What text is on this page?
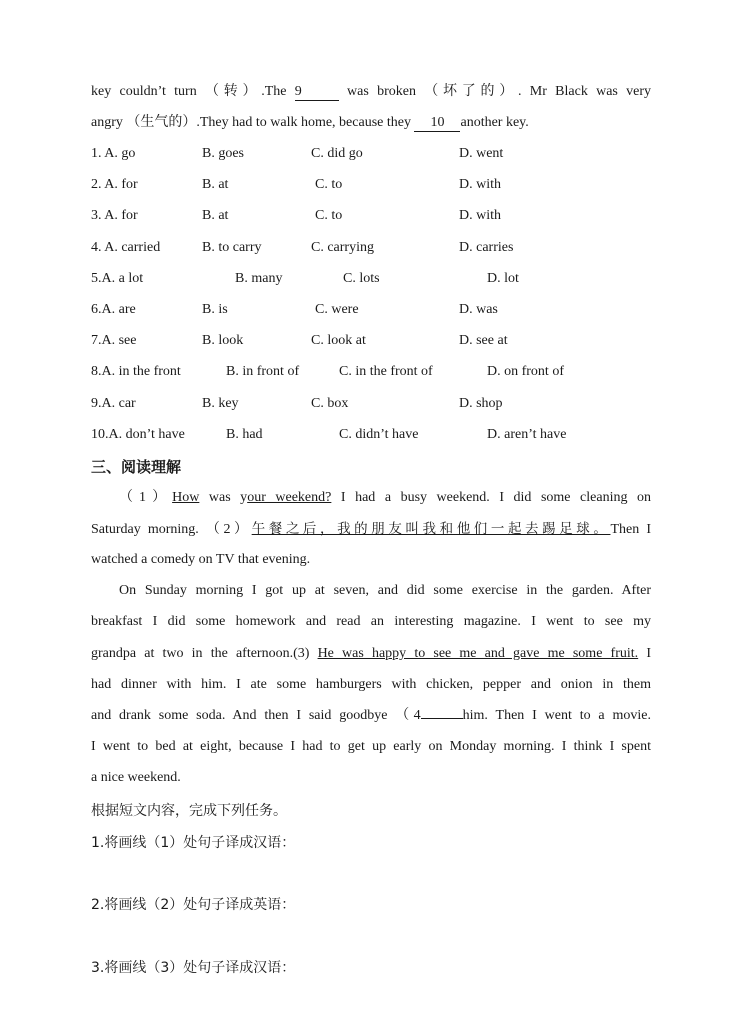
key couldn’t turn （转）.The 9	was broken （坏了的）. Mr Black was very
angry （生气的）.They had to walk home, because they 10 another key.
1. A. go	B. goes	C. did go	D. went
2. A. for	B. at	C. to	D. with
3. A. for	B. at	C. to	D. with
4. A. carried	B. to carry	C. carrying	D. carries
5.A. a lot	B. many	C. lots	D. lot
6.A. are	B. is	C. were	D. was
7.A. see	B. look	C. look at	D. see at
8.A. in the front	B. in front of	C. in the front of	D. on front of
9.A. car	B. key	C. box	D. shop
10.A. don’t have	B. had	C. didn’t have	D. aren’t have
三、阅读理解
（1）How was your weekend? I had a busy weekend. I did some cleaning on
Saturday morning. （2）午餐之后，我的朋友叫我和他们一起去踢足球。Then I
watched a comedy on TV that evening.
On Sunday morning I got up at seven, and did some exercise in the garden. After
breakfast I did some homework and read an interesting magazine. I went to see my
grandpa at two in the afternoon.(3) He was happy to see me and gave me some fruit. I
had dinner with him. I ate some hamburgers with chicken, pepper and onion in them
and drank some soda. And then I said goodbye （4	him. Then I went to a movie.
I went to bed at eight, because I had to get up early on Monday morning. I think I spent
a nice weekend.
根据短文内容，完成下列任务。
1.将画线（1）处句子译成汉语：
2.将画线（2）处句子译成英语：
3.将画线（3）处句子译成汉语：
